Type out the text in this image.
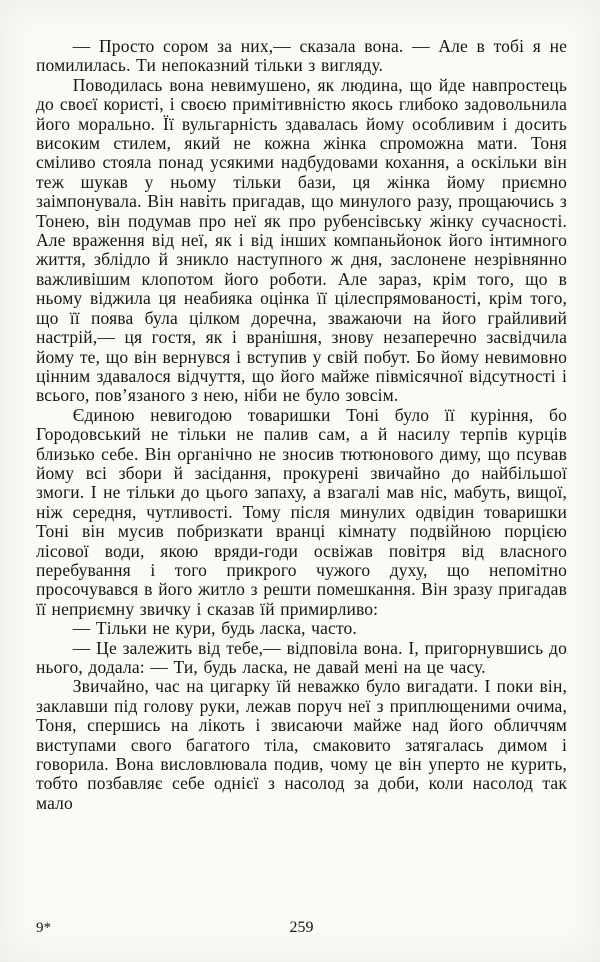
— Просто сором за них,— сказала вона. — Але в тобі я не помилилась. Ти непоказний тільки з вигляду.

Поводилась вона невимушено, як людина, що йде навпростець до своєї користі, і своєю примітивністю якось глибоко задовольнила його морально. Її вульгарність здавалась йому особливим і досить високим стилем, який не кожна жінка спроможна мати. Тоня сміливо стояла понад усякими надбудовами кохання, а оскільки він теж шукав у ньому тільки бази, ця жінка йому приємно заімпонувала. Він навіть пригадав, що минулого разу, прощаючись з Тонею, він подумав про неї як про рубенсівську жінку сучасності. Але враження від неї, як і від інших компаньйонок його інтимного життя, зблідло й зникло наступного ж дня, заслонене незрівнянно важливішим клопотом його роботи. Але зараз, крім того, що в ньому віджила ця неабияка оцінка її цілеспрямованості, крім того, що її поява була цілком доречна, зважаючи на його грайливий настрій,— ця гостя, як і вранішня, знову незаперечно засвідчила йому те, що він вернувся і вступив у свій побут. Бо йому невимовно цінним здавалося відчуття, що його майже півмісячної відсутності і всього, пов’язаного з нею, ніби не було зовсім.

Єдиною невигодою товаришки Тоні було її куріння, бо Городовський не тільки не палив сам, а й насилу терпів курців близько себе. Він органічно не зносив тютюнового диму, що псував йому всі збори й засідання, прокурені звичайно до найбільшої змоги. І не тільки до цього запаху, а взагалі мав ніс, мабуть, вищої, ніж середня, чутливості. Тому після минулих одвідин товаришки Тоні він мусив побризкати вранці кімнату подвійною порцією лісової води, якою вряди-годи освіжав повітря від власного перебування і того прикрого чужого духу, що непомітно просочувався в його житло з решти помешкання. Він зразу пригадав її неприємну звичку і сказав їй примирливо:

— Тільки не кури, будь ласка, часто.

— Це залежить від тебе,— відповіла вона. І, пригорнувшись до нього, додала: — Ти, будь ласка, не давай мені на це часу.

Звичайно, час на цигарку їй неважко було вигадати. І поки він, заклавши під голову руки, лежав поруч неї з приплющеними очима, Тоня, спершись на лікоть і звисаючи майже над його обличчям виступами свого багатого тіла, смаковито затягалась димом і говорила. Вона висловлювала подив, чому це він уперто не курить, тобто позбавляє себе однієї з насолод за доби, коли насолод так мало

9*	259
